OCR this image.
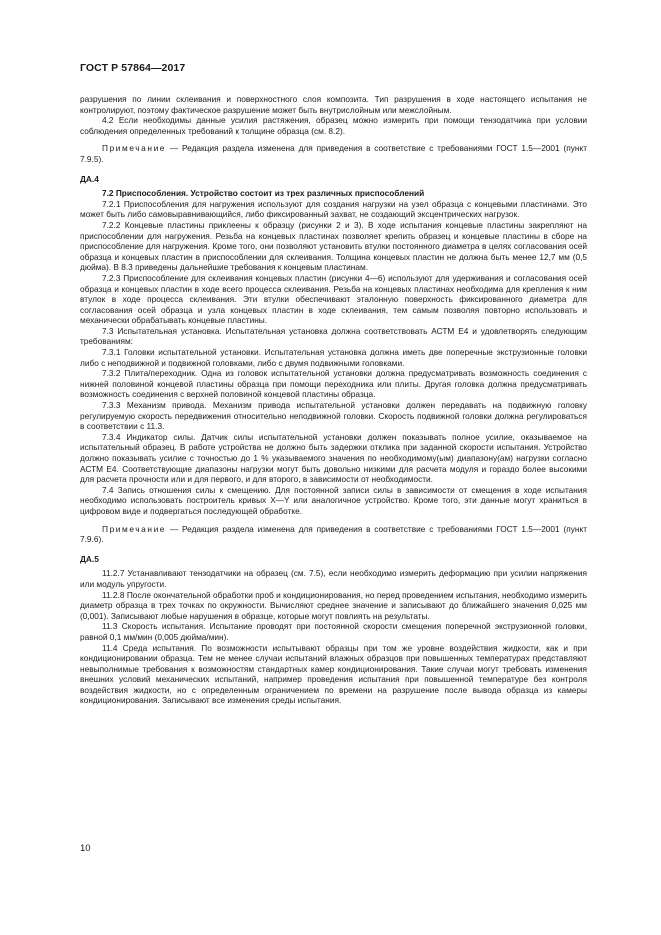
ГОСТ Р 57864—2017

разрушения по линии склеивания и поверхностного слоя композита. Тип разрушения в ходе настоящего испытания не контролируют, поэтому фактическое разрушение может быть внутрислойным или межслойным.

4.2 Если необходимы данные усилия растяжения, образец можно измерить при помощи тензодатчика при условии соблюдения определенных требований к толщине образца (см. 8.2).

Примечание — Редакция раздела изменена для приведения в соответствие с требованиями ГОСТ 1.5—2001 (пункт 7.9.5).

ДА.4

7.2 Приспособления. Устройство состоит из трех различных приспособлений

7.2.1 Приспособления для нагружения используют для создания нагрузки на узел образца с концевыми пластинами. Это может быть либо самовыравнивающийся, либо фиксированный захват, не создающий эксцентрических нагрузок.

7.2.2 Концевые пластины приклеены к образцу (рисунки 2 и 3). В ходе испытания концевые пластины закрепляют на приспособлении для нагружения. Резьба на концевых пластинах позволяет крепить образец и концевые пластины в сборе на приспособление для нагружения. Кроме того, они позволяют установить втулки постоянного диаметра в целях согласования осей образца и концевых пластин в приспособлении для склеивания. Толщина концевых пластин не должна быть менее 12,7 мм (0,5 дюйма). В 8.3 приведены дальнейшие требования к концевым пластинам.

7.2.3 Приспособление для склеивания концевых пластин (рисунки 4—6) используют для удерживания и согласования осей образца и концевых пластин в ходе всего процесса склеивания. Резьба на концевых пластинах необходима для крепления к ним втулок в ходе процесса склеивания. Эти втулки обеспечивают эталонную поверхность фиксированного диаметра для согласования осей образца и узла концевых пластин в ходе склеивания, тем самым позволяя повторно использовать и механически обрабатывать концевые пластины.

7.3 Испытательная установка. Испытательная установка должна соответствовать АСТМ Е4 и удовлетворять следующим требованиям:

7.3.1 Головки испытательной установки. Испытательная установка должна иметь две поперечные экструзионные головки либо с неподвижной и подвижной головками, либо с двумя подвижными головками.

7.3.2 Плита/переходник. Одна из головок испытательной установки должна предусматривать возможность соединения с нижней половиной концевой пластины образца при помощи переходника или плиты. Другая головка должна предусматривать возможность соединения с верхней половиной концевой пластины образца.

7.3.3 Механизм привода. Механизм привода испытательной установки должен передавать на подвижную головку регулируемую скорость передвижения относительно неподвижной головки. Скорость подвижной головки должна регулироваться в соответствии с 11.3.

7.3.4 Индикатор силы. Датчик силы испытательной установки должен показывать полное усилие, оказываемое на испытательный образец. В работе устройства не должно быть задержки отклика при заданной скорости испытания. Устройство должно показывать усилие с точностью до 1 % указываемого значения по необходимому(ым) диапазону(ам) нагрузки согласно АСТМ Е4. Соответствующие диапазоны нагрузки могут быть довольно низкими для расчета модуля и гораздо более высокими для расчета прочности или и для первого, и для второго, в зависимости от необходимости.

7.4 Запись отношения силы к смещению. Для постоянной записи силы в зависимости от смещения в ходе испытания необходимо использовать построитель кривых X—Y или аналогичное устройство. Кроме того, эти данные могут храниться в цифровом виде и подвергаться последующей обработке.

Примечание — Редакция раздела изменена для приведения в соответствие с требованиями ГОСТ 1.5—2001 (пункт 7.9.6).

ДА.5

11.2.7 Устанавливают тензодатчики на образец (см. 7.5), если необходимо измерить деформацию при усилии напряжения или модуль упругости.

11.2.8 После окончательной обработки проб и кондиционирования, но перед проведением испытания, необходимо измерить диаметр образца в трех точках по окружности. Вычисляют среднее значение и записывают до ближайшего значения 0,025 мм (0,001). Записывают любые нарушения в образце, которые могут повлиять на результаты.

11.3 Скорость испытания. Испытание проводят при постоянной скорости смещения поперечной экструзионной головки, равной 0,1 мм/мин (0,005 дюйма/мин).

11.4 Среда испытания. По возможности испытывают образцы при том же уровне воздействия жидкости, как и при кондиционировании образца. Тем не менее случаи испытаний влажных образцов при повышенных температурах представляют невыполнимые требования к возможностям стандартных камер кондиционирования. Такие случаи могут требовать изменения внешних условий механических испытаний, например проведения испытания при повышенной температуре без контроля воздействия жидкости, но с определенным ограничением по времени на разрушение после вывода образца из камеры кондиционирования. Записывают все изменения среды испытания.

10
